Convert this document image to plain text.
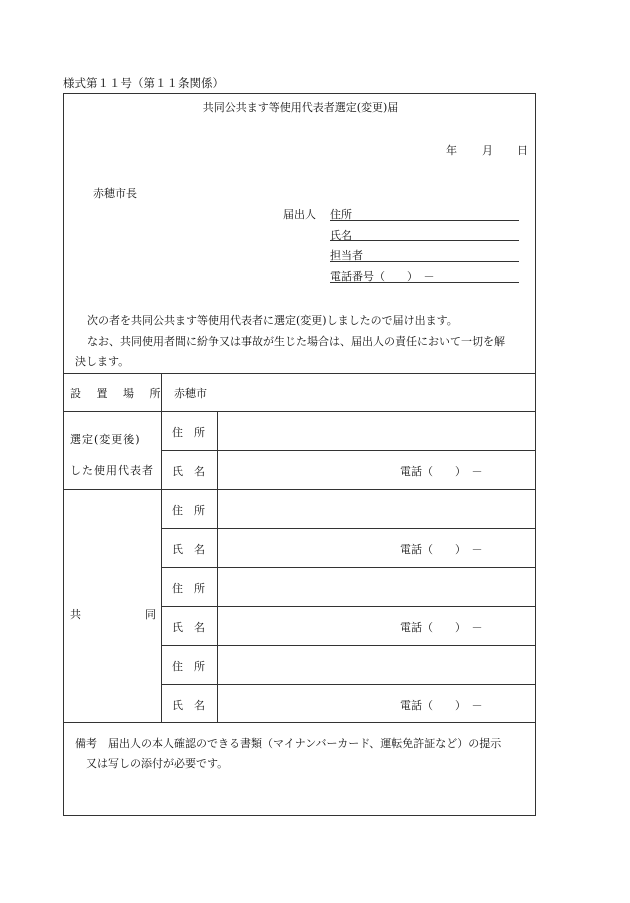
様式第１１号（第１１条関係）
共同公共ます等使用代表者選定(変更)届
年 月 日
赤穂市長
届出人 住所
氏名
担当者
電話番号（　　）　－
次の者を共同公共ます等使用代表者に選定(変更)しましたので届け出ます。
なお、共同使用者間に紛争又は事故が生じた場合は、届出人の責任において一切を解
決します。
設 置 場 所 赤穂市
選定(変更後)
した使用代表者
住　所
氏　名	電話（　　）　－
共	同
住　所
氏　名	電話（　　）　－
住　所
氏　名	電話（　　）　－
住　所
氏　名	電話（　　）　－
備考　届出人の本人確認のできる書類（マイナンバーカード、運転免許証など）の提示
又は写しの添付が必要です。
